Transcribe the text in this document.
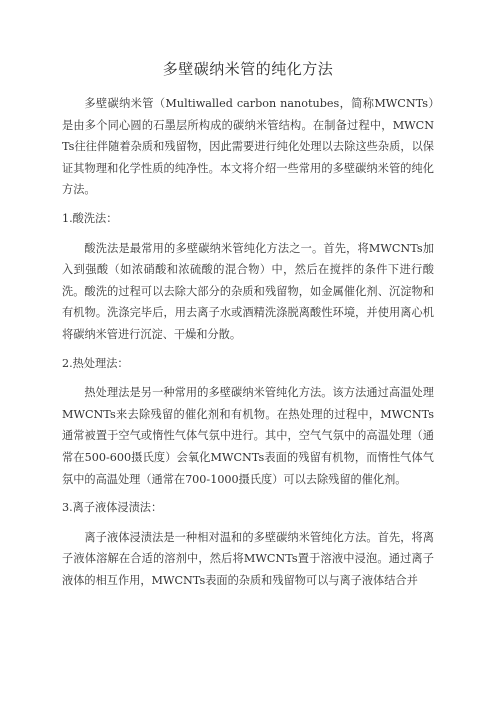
多壁碳纳米管的纯化方法

多壁碳纳米管（Multiwalled carbon nanotubes，简称MWCNTs）是由多个同心圆的石墨层所构成的碳纳米管结构。在制备过程中，MWCNTs往往伴随着杂质和残留物，因此需要进行纯化处理以去除这些杂质，以保证其物理和化学性质的纯净性。本文将介绍一些常用的多壁碳纳米管的纯化方法。

1.酸洗法：

酸洗法是最常用的多壁碳纳米管纯化方法之一。首先，将MWCNTs加入到强酸（如浓硝酸和浓硫酸的混合物）中，然后在搅拌的条件下进行酸洗。酸洗的过程可以去除大部分的杂质和残留物，如金属催化剂、沉淀物和有机物。洗涤完毕后，用去离子水或酒精洗涤脱离酸性环境，并使用离心机将碳纳米管进行沉淀、干燥和分散。

2.热处理法：

热处理法是另一种常用的多壁碳纳米管纯化方法。该方法通过高温处理MWCNTs来去除残留的催化剂和有机物。在热处理的过程中，MWCNTs通常被置于空气或惰性气体气氛中进行。其中，空气气氛中的高温处理（通常在500-600摄氏度）会氧化MWCNTs表面的残留有机物，而惰性气体气氛中的高温处理（通常在700-1000摄氏度）可以去除残留的催化剂。

3.离子液体浸渍法：

离子液体浸渍法是一种相对温和的多壁碳纳米管纯化方法。首先，将离子液体溶解在合适的溶剂中，然后将MWCNTs置于溶液中浸泡。通过离子液体的相互作用，MWCNTs表面的杂质和残留物可以与离子液体结合并
